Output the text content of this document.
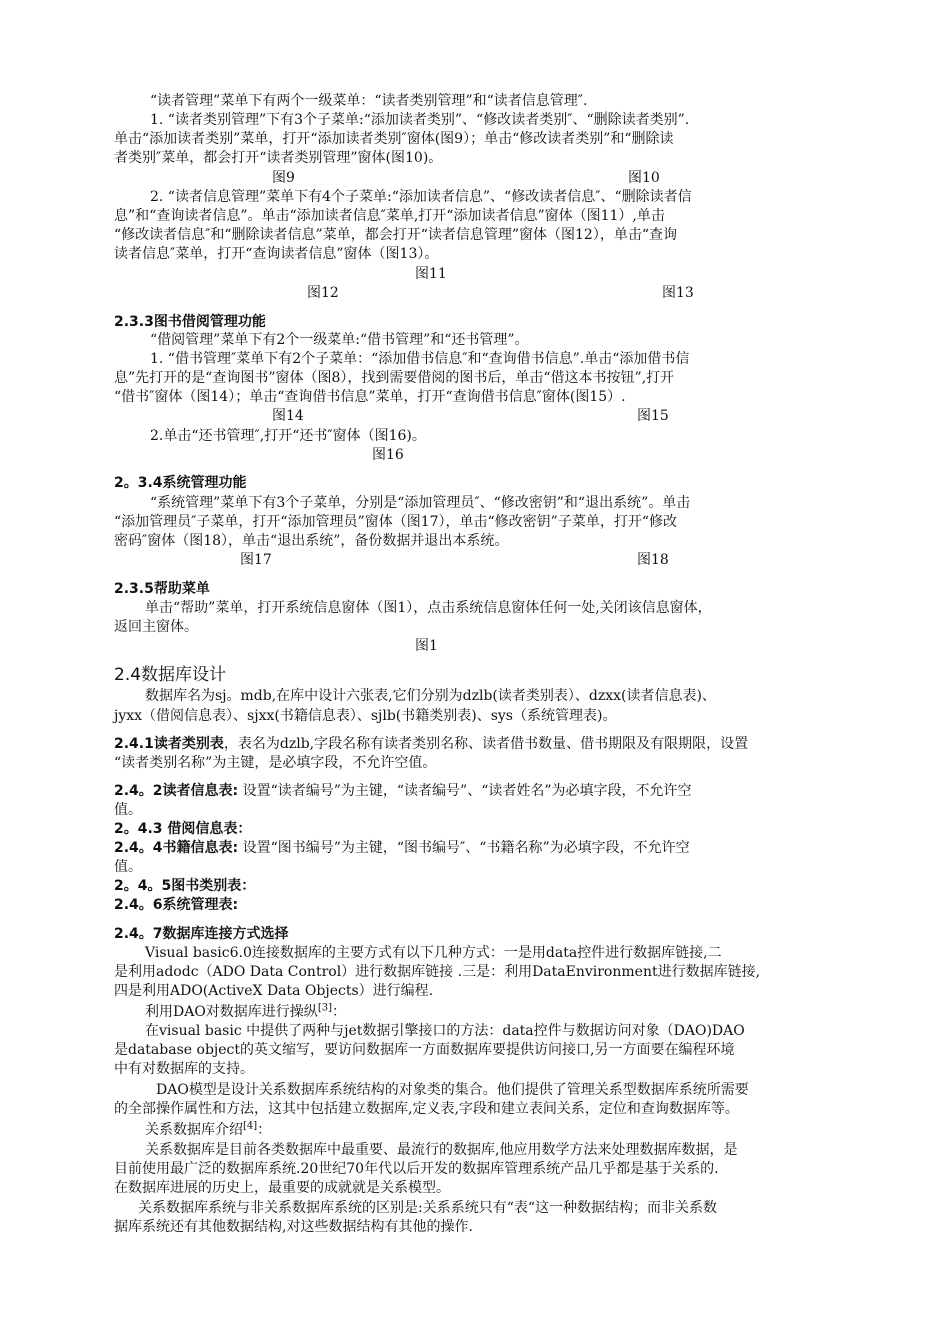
“读者管理”菜单下有两个一级菜单：“读者类别管理”和“读者信息管理″.
1. “读者类别管理”下有3个子菜单:“添加读者类别”、“修改读者类别″、“删除读者类别”.
单击“添加读者类别”菜单，打开“添加读者类别″窗体(图9）；单击“修改读者类别”和“删除读
者类别″菜单，都会打开“读者类别管理”窗体(图10)。
图9	图10
2. “读者信息管理”菜单下有4个子菜单:“添加读者信息”、“修改读者信息″、“删除读者信
息”和“查询读者信息”。单击“添加读者信息″菜单,打开“添加读者信息”窗体（图11）,单击
“修改读者信息″和“删除读者信息”菜单，都会打开“读者信息管理”窗体（图12），单击“查询
读者信息″菜单，打开“查询读者信息”窗体（图13）。
图11
图12	图13
2.3.3图书借阅管理功能
“借阅管理”菜单下有2个一级菜单:“借书管理”和“还书管理”。
1. “借书管理″菜单下有2个子菜单：“添加借书信息″和“查询借书信息”.单击“添加借书信
息”先打开的是“查询图书”窗体（图8），找到需要借阅的图书后，单击“借这本书按钮”,打开
“借书″窗体（图14）；单击“查询借书信息”菜单，打开“查询借书信息″窗体(图15）.
图14	图15
2.单击“还书管理″,打开“还书″窗体（图16)。
图16
2。3.4系统管理功能
“系统管理”菜单下有3个子菜单，分别是“添加管理员″、“修改密钥”和“退出系统”。单击
“添加管理员″子菜单，打开“添加管理员”窗体（图17），单击“修改密钥”子菜单，打开“修改
密码″窗体（图18），单击“退出系统”，备份数据并退出本系统。
图17	图18
2.3.5帮助菜单
单击“帮助”菜单，打开系统信息窗体（图1），点击系统信息窗体任何一处,关闭该信息窗体，
返回主窗体。
图1
2.4数据库设计
数据库名为sj。mdb,在库中设计六张表,它们分别为dzlb(读者类别表）、dzxx(读者信息表)、
jyxx（借阅信息表）、sjxx(书籍信息表）、sjlb(书籍类别表)、sys（系统管理表)。
2.4.1读者类别表，表名为dzlb,字段名称有读者类别名称、读者借书数量、借书期限及有限期限，设置
“读者类别名称”为主键，是必填字段，不允许空值。
2.4。2读者信息表: 设置“读者编号”为主键，“读者编号”、“读者姓名”为必填字段，不允许空
值。
2。4.3 借阅信息表：
2.4。4书籍信息表: 设置“图书编号”为主键，“图书编号″、“书籍名称”为必填字段，不允许空
值。
2。4。5图书类别表：
2.4。6系统管理表:
2.4。7数据库连接方式选择
Visual basic6.0连接数据库的主要方式有以下几种方式：一是用data控件进行数据库链接,二
是利用adodc（ADO Data Control）进行数据库链接 .三是：利用DataEnvironment进行数据库链接,
四是利用ADO(ActiveX Data Objects）进行编程.
利用DAO对数据库进行操纵[3]：
在visual basic 中提供了两种与jet数据引擎接口的方法：data控件与数据访问对象（DAO)DAO
是database object的英文缩写，要访问数据库一方面数据库要提供访问接口,另一方面要在编程环境
中有对数据库的支持。
DAO模型是设计关系数据库系统结构的对象类的集合。他们提供了管理关系型数据库系统所需要
的全部操作属性和方法，这其中包括建立数据库,定义表,字段和建立表间关系，定位和查询数据库等。
关系数据库介绍[4]：
关系数据库是目前各类数据库中最重要、最流行的数据库,他应用数学方法来处理数据库数据，是
目前使用最广泛的数据库系统.20世纪70年代以后开发的数据库管理系统产品几乎都是基于关系的.
在数据库进展的历史上，最重要的成就就是关系模型。
关系数据库系统与非关系数据库系统的区别是:关系系统只有“表“这一种数据结构；而非关系数
据库系统还有其他数据结构,对这些数据结构有其他的操作.
